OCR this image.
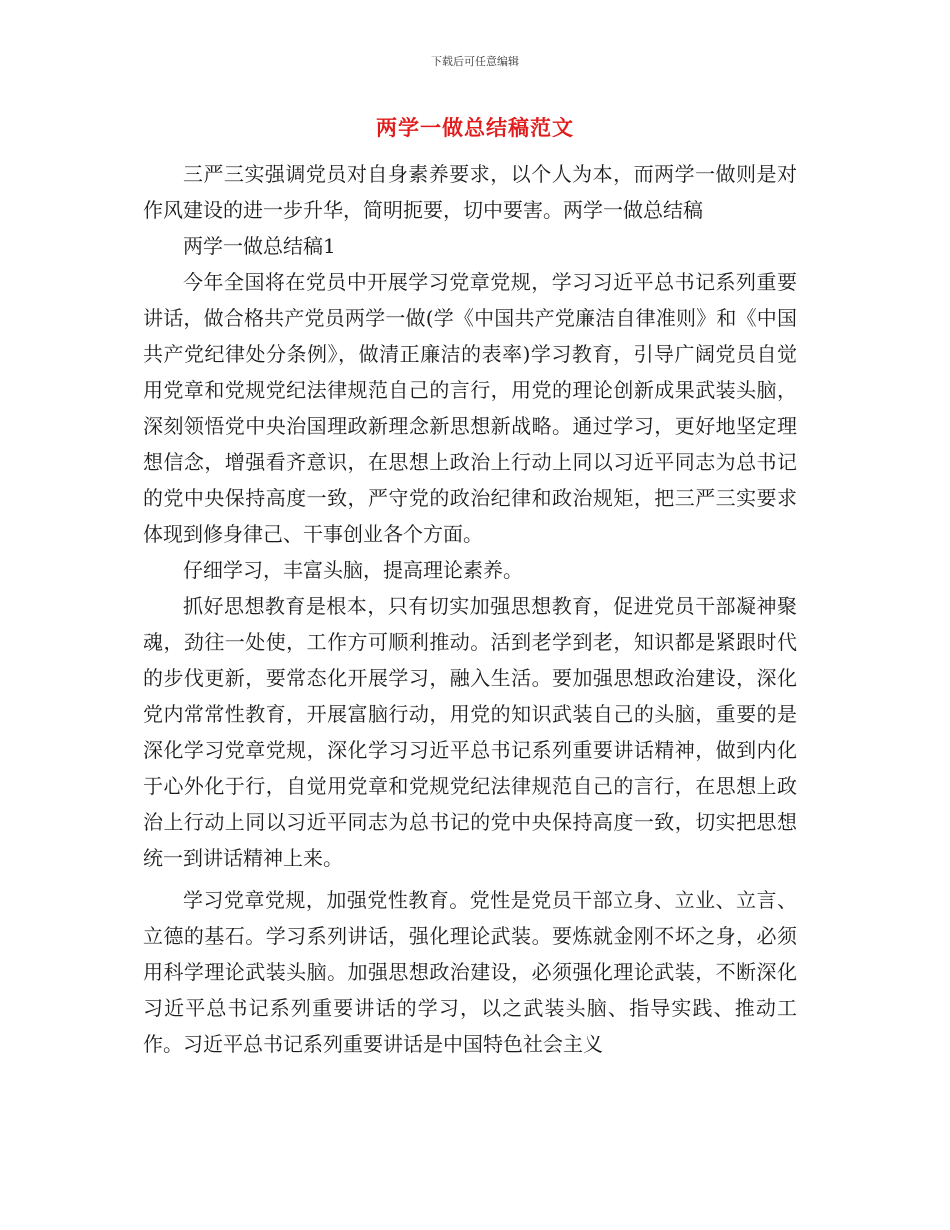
下载后可任意编辑
两学一做总结稿范文

三严三实强调党员对自身素养要求，以个人为本，而两学一做则是对作风建设的进一步升华，简明扼要，切中要害。两学一做总结稿

两学一做总结稿1

今年全国将在党员中开展学习党章党规，学习习近平总书记系列重要讲话，做合格共产党员两学一做(学《中国共产党廉洁自律准则》和《中国共产党纪律处分条例》，做清正廉洁的表率)学习教育，引导广阔党员自觉用党章和党规党纪法律规范自己的言行，用党的理论创新成果武装头脑，深刻领悟党中央治国理政新理念新思想新战略。通过学习，更好地坚定理想信念，增强看齐意识，在思想上政治上行动上同以习近平同志为总书记的党中央保持高度一致，严守党的政治纪律和政治规矩，把三严三实要求体现到修身律己、干事创业各个方面。

仔细学习，丰富头脑，提高理论素养。

抓好思想教育是根本，只有切实加强思想教育，促进党员干部凝神聚魂，劲往一处使，工作方可顺利推动。活到老学到老，知识都是紧跟时代的步伐更新，要常态化开展学习，融入生活。要加强思想政治建设，深化党内常常性教育，开展富脑行动，用党的知识武装自己的头脑，重要的是深化学习党章党规，深化学习习近平总书记系列重要讲话精神，做到内化于心外化于行，自觉用党章和党规党纪法律规范自己的言行，在思想上政治上行动上同以习近平同志为总书记的党中央保持高度一致，切实把思想统一到讲话精神上来。

学习党章党规，加强党性教育。党性是党员干部立身、立业、立言、立德的基石。学习系列讲话，强化理论武装。要炼就金刚不坏之身，必须用科学理论武装头脑。加强思想政治建设，必须强化理论武装，不断深化习近平总书记系列重要讲话的学习，以之武装头脑、指导实践、推动工作。习近平总书记系列重要讲话是中国特色社会主义
